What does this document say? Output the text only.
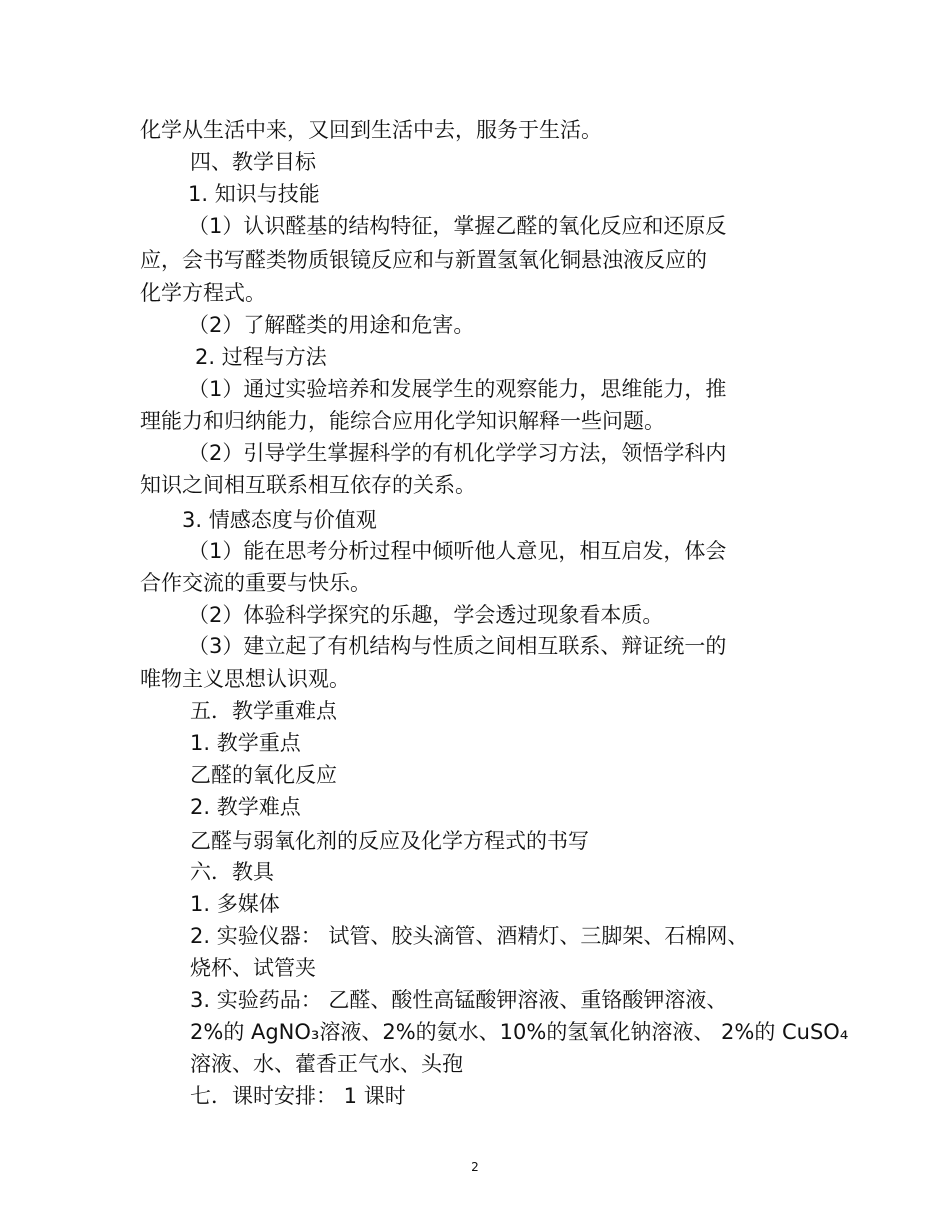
化学从生活中来，又回到生活中去，服务于生活。
四、教学目标
1. 知识与技能
（1）认识醛基的结构特征，掌握乙醛的氧化反应和还原反
应，会书写醛类物质银镜反应和与新置氢氧化铜悬浊液反应的
化学方程式。
（2）了解醛类的用途和危害。
2. 过程与方法
（1）通过实验培养和发展学生的观察能力，思维能力，推
理能力和归纳能力，能综合应用化学知识解释一些问题。
（2）引导学生掌握科学的有机化学学习方法，领悟学科内
知识之间相互联系相互依存的关系。
3. 情感态度与价值观
（1）能在思考分析过程中倾听他人意见，相互启发，体会
合作交流的重要与快乐。
（2）体验科学探究的乐趣，学会透过现象看本质。
（3）建立起了有机结构与性质之间相互联系、辩证统一的
唯物主义思想认识观。
五．教学重难点
1. 教学重点
乙醛的氧化反应
2. 教学难点
乙醛与弱氧化剂的反应及化学方程式的书写
六．教具
1. 多媒体
2. 实验仪器： 试管、胶头滴管、酒精灯、三脚架、石棉网、
烧杯、试管夹
3. 实验药品： 乙醛、酸性高锰酸钾溶液、重铬酸钾溶液、
2%的 AgNO₃溶液、2%的氨水、10%的氢氧化钠溶液、 2%的 CuSO₄
溶液、水、藿香正气水、头孢
七．课时安排： 1 课时
2
